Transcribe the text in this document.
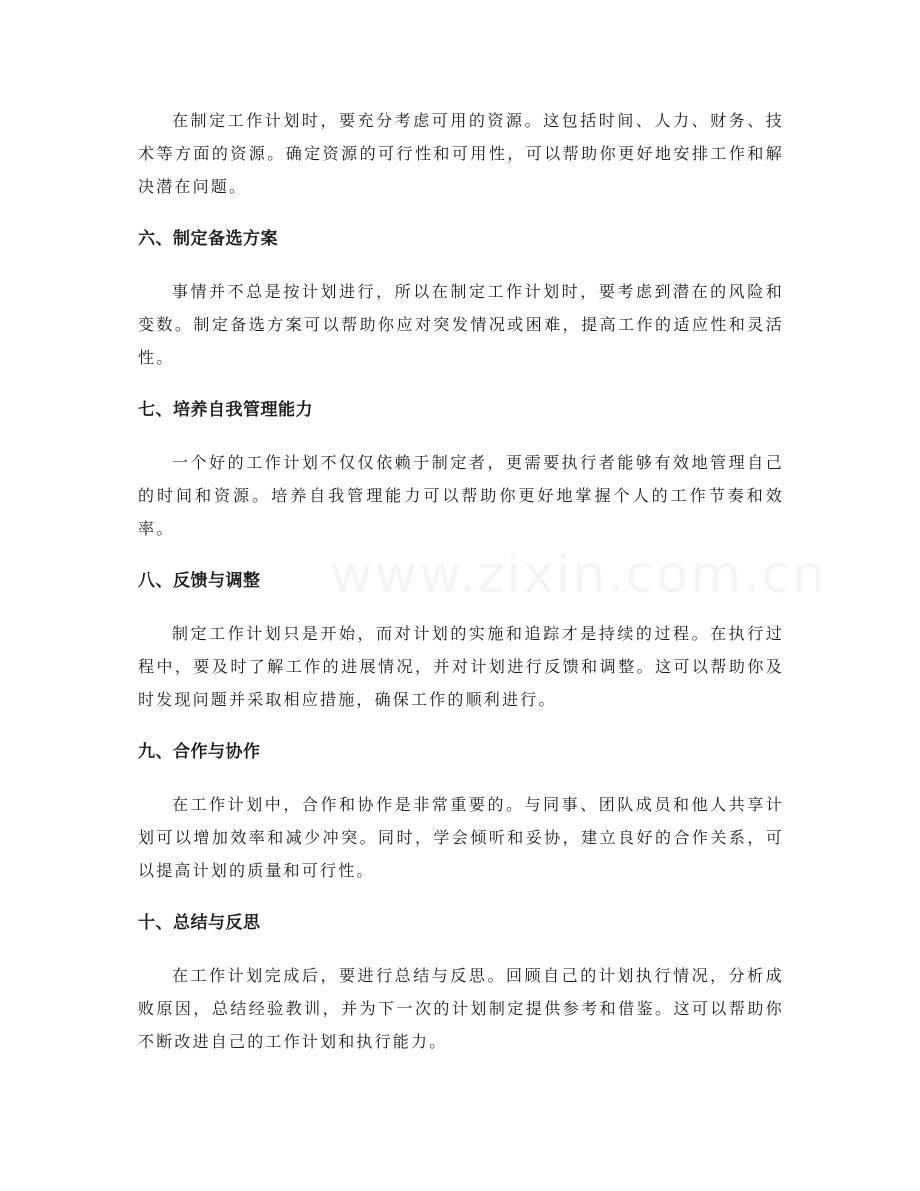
www.zixin.com.cn

在制定工作计划时，要充分考虑可用的资源。这包括时间、人力、财务、技术等方面的资源。确定资源的可行性和可用性，可以帮助你更好地安排工作和解决潜在问题。

六、制定备选方案

事情并不总是按计划进行，所以在制定工作计划时，要考虑到潜在的风险和变数。制定备选方案可以帮助你应对突发情况或困难，提高工作的适应性和灵活性。

七、培养自我管理能力

一个好的工作计划不仅仅依赖于制定者，更需要执行者能够有效地管理自己的时间和资源。培养自我管理能力可以帮助你更好地掌握个人的工作节奏和效率。

八、反馈与调整

制定工作计划只是开始，而对计划的实施和追踪才是持续的过程。在执行过程中，要及时了解工作的进展情况，并对计划进行反馈和调整。这可以帮助你及时发现问题并采取相应措施，确保工作的顺利进行。

九、合作与协作

在工作计划中，合作和协作是非常重要的。与同事、团队成员和他人共享计划可以增加效率和减少冲突。同时，学会倾听和妥协，建立良好的合作关系，可以提高计划的质量和可行性。

十、总结与反思

在工作计划完成后，要进行总结与反思。回顾自己的计划执行情况，分析成败原因，总结经验教训，并为下一次的计划制定提供参考和借鉴。这可以帮助你不断改进自己的工作计划和执行能力。
